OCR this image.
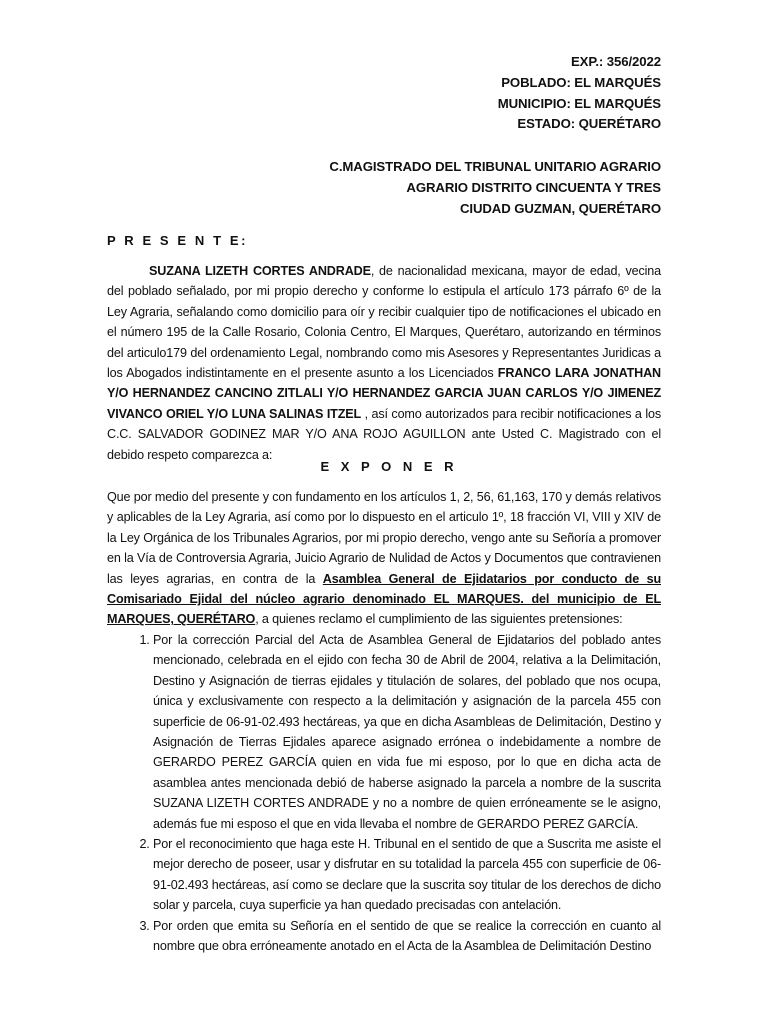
EXP.: 356/2022
POBLADO: EL MARQUÉS
MUNICIPIO: EL MARQUÉS
ESTADO: QUERÉTARO
C.MAGISTRADO DEL TRIBUNAL UNITARIO AGRARIO
AGRARIO DISTRITO CINCUENTA Y TRES
CIUDAD GUZMAN, QUERÉTARO
P R E S E N T E:
SUZANA LIZETH CORTES ANDRADE, de nacionalidad mexicana, mayor de edad, vecina del poblado señalado, por mi propio derecho y conforme lo estipula el artículo 173 párrafo 6º de la Ley Agraria, señalando como domicilio para oír y recibir cualquier tipo de notificaciones el ubicado en el número 195 de la Calle Rosario, Colonia Centro, El Marques, Querétaro, autorizando en términos del articulo179 del ordenamiento Legal, nombrando como mis Asesores y Representantes Juridicas a los Abogados indistintamente en el presente asunto a los Licenciados FRANCO LARA JONATHAN Y/O HERNANDEZ CANCINO ZITLALI Y/O HERNANDEZ GARCIA JUAN CARLOS Y/O JIMENEZ VIVANCO ORIEL Y/O LUNA SALINAS ITZEL , así como autorizados para recibir notificaciones a los C.C. SALVADOR GODINEZ MAR Y/O ANA ROJO AGUILLON ante Usted C. Magistrado con el debido respeto comparezca a:
E X P O N E R
Que por medio del presente y con fundamento en los artículos 1, 2, 56, 61,163, 170 y demás relativos y aplicables de la Ley Agraria, así como por lo dispuesto en el articulo 1º, 18 fracción VI, VIII y XIV de la Ley Orgánica de los Tribunales Agrarios, por mi propio derecho, vengo ante su Señoría a promover en la Vía de Controversia Agraria, Juicio Agrario de Nulidad de Actos y Documentos que contravienen las leyes agrarias, en contra de la Asamblea General de Ejidatarios por conducto de su Comisariado Ejidal del núcleo agrario denominado EL MARQUES. del municipio de EL MARQUES, QUERÉTARO, a quienes reclamo el cumplimiento de las siguientes pretensiones:
1. Por la corrección Parcial del Acta de Asamblea General de Ejidatarios del poblado antes mencionado, celebrada en el ejido con fecha 30 de Abril de 2004, relativa a la Delimitación, Destino y Asignación de tierras ejidales y titulación de solares, del poblado que nos ocupa, única y exclusivamente con respecto a la delimitación y asignación de la parcela 455 con superficie de 06-91-02.493 hectáreas, ya que en dicha Asambleas de Delimitación, Destino y Asignación de Tierras Ejidales aparece asignado errónea o indebidamente a nombre de GERARDO PEREZ GARCÍA quien en vida fue mi esposo, por lo que en dicha acta de asamblea antes mencionada debió de haberse asignado la parcela a nombre de la suscrita SUZANA LIZETH CORTES ANDRADE y no a nombre de quien erróneamente se le asigno, además fue mi esposo el que en vida llevaba el nombre de GERARDO PEREZ GARCÍA.
2. Por el reconocimiento que haga este H. Tribunal en el sentido de que a Suscrita me asiste el mejor derecho de poseer, usar y disfrutar en su totalidad la parcela 455 con superficie de 06-91-02.493 hectáreas, así como se declare que la suscrita soy titular de los derechos de dicho solar y parcela, cuya superficie ya han quedado precisadas con antelación.
3. Por orden que emita su Señoría en el sentido de que se realice la corrección en cuanto al nombre que obra erróneamente anotado en el Acta de la Asamblea de Delimitación Destino
